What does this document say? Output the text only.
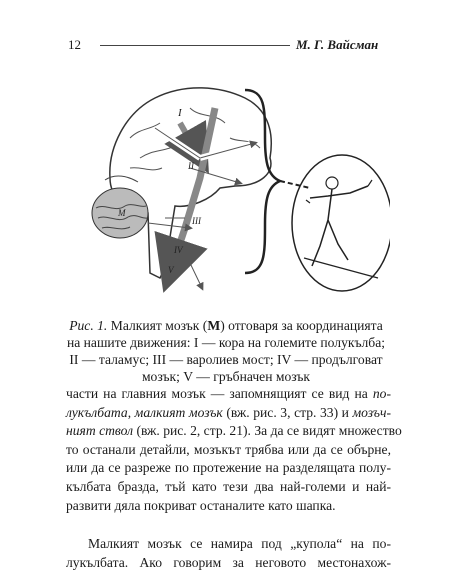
12	М. Г. Вайсман
I
II
III
IV
V
M
Рис. 1. Малкият мозък (М) отговаря за координацията на нашите движения: I — кора на големите полукълба; II — таламус; III — варолиев мост; IV — продълговат мозък; V — гръбначен мозък
части на главния мозък — запомнящият се вид на по-
лукълбата, малкият мозък (вж. рис. 3, стр. 33) и мозъч-
ният ствол (вж. рис. 2, стр. 21). За да се видят множество
то останали детайли, мозъкът трябва или да се обърне,
или да се разреже по протежение на разделящата полу-
кълбата бразда, тъй като тези два най-големи и най-
развити дяла покриват останалите като шапка.
Малкият мозък се намира под „купола“ на по-
лукълбата. Ако говорим за неговото местонахож-
